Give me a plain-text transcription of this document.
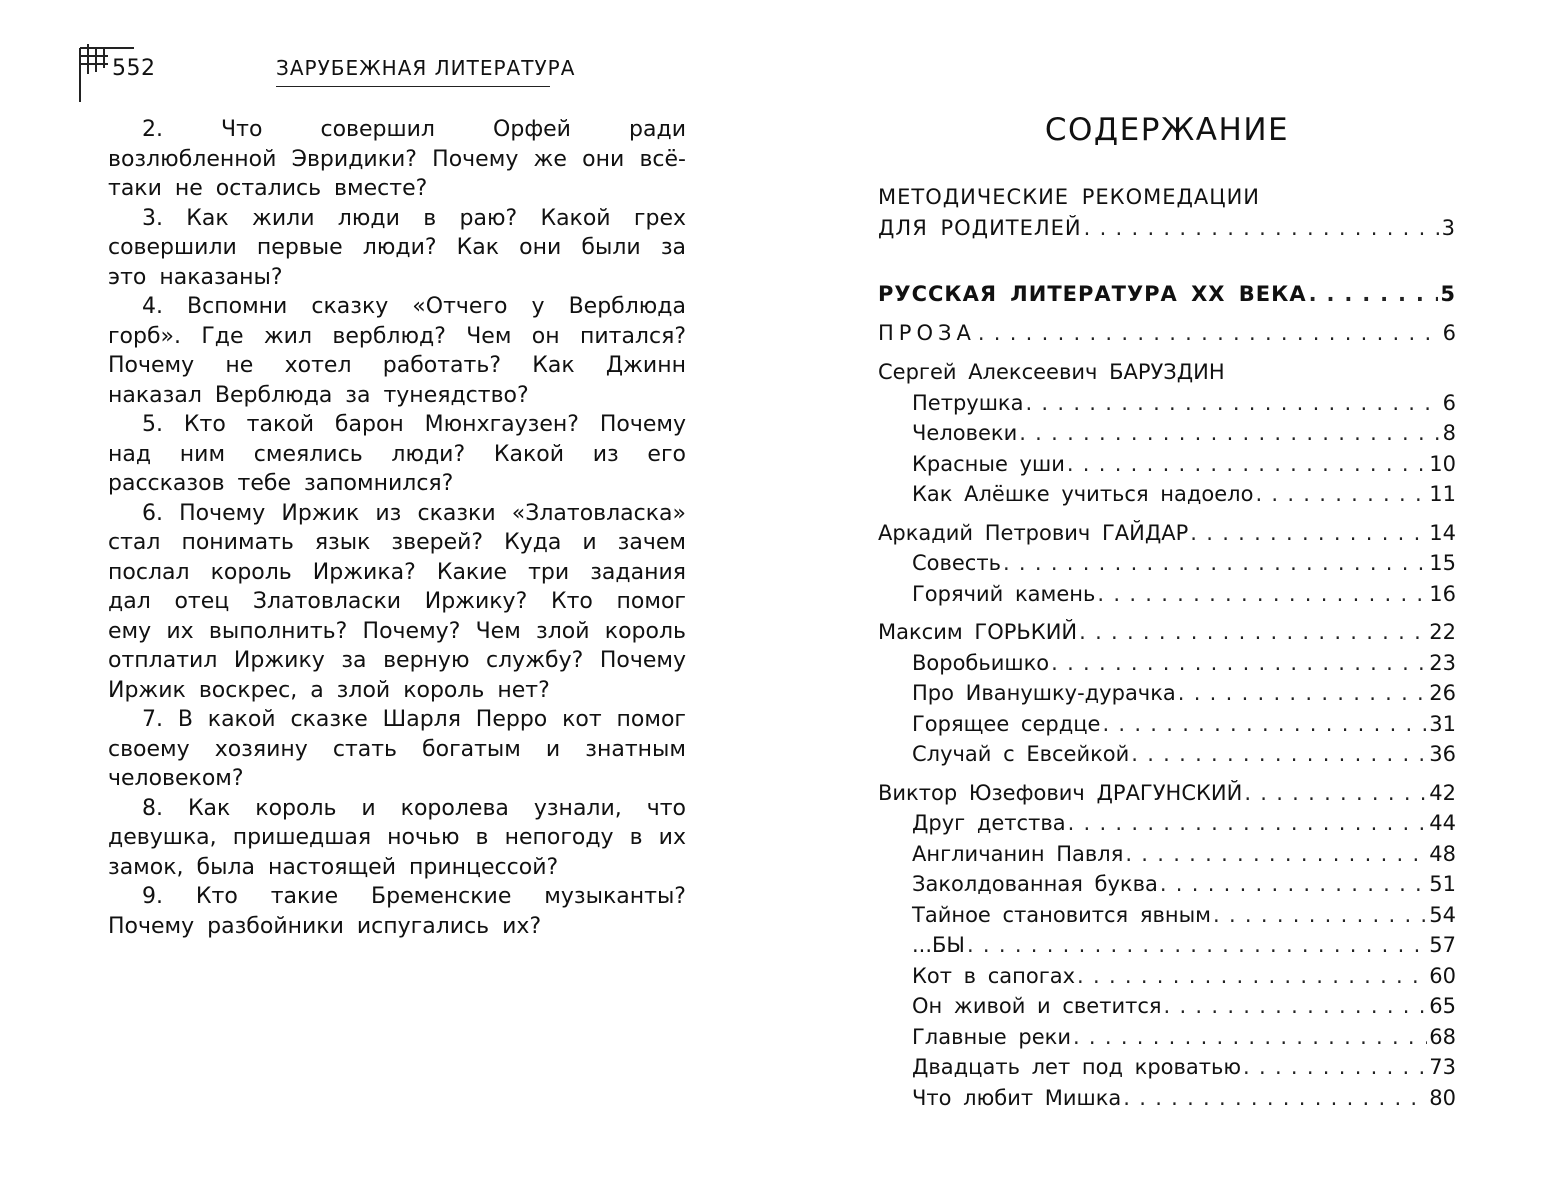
552	ЗАРУБЕЖНАЯ ЛИТЕРАТУРА

2. Что совершил Орфей ради возлюбленной Эвридики? Почему же они всё-таки не остались вместе?

3. Как жили люди в раю? Какой грех совершили первые люди? Как они были за это наказаны?

4. Вспомни сказку «Отчего у Верблюда горб». Где жил верблюд? Чем он питался? Почему не хотел работать? Как Джинн наказал Верблюда за тунеядство?

5. Кто такой барон Мюнхгаузен? Почему над ним смеялись люди? Какой из его рассказов тебе запомнился?

6. Почему Иржик из сказки «Златовласка» стал понимать язык зверей? Куда и зачем послал король Иржика? Какие три задания дал отец Златовласки Иржику? Кто помог ему их выполнить? Почему? Чем злой король отплатил Иржику за верную службу? Почему Иржик воскрес, а злой король нет?

7. В какой сказке Шарля Перро кот помог своему хозяину стать богатым и знатным человеком?

8. Как король и королева узнали, что девушка, пришедшая ночью в непогоду в их замок, была настоящей принцессой?

9. Кто такие Бременские музыканты? Почему разбойники испугались их?

СОДЕРЖАНИЕ
МЕТОДИЧЕСКИЕ РЕКОМЕДАЦИИ
ДЛЯ РОДИТЕЛЕЙ . . .	3
РУССКАЯ ЛИТЕРАТУРА XX ВЕКА . . .	5
ПРОЗА . . .	6
Сергей Алексеевич БАРУЗДИН
Петрушка . . .	6
Человеки . . .	8
Красные уши . . .	10
Как Алёшке учиться надоело . . .	11
Аркадий Петрович ГАЙДАР . . .	14
Совесть . . .	15
Горячий камень . . .	16
Максим ГОРЬКИЙ . . .	22
Воробьишко . . .	23
Про Иванушку-дурачка . . .	26
Горящее сердце . . .	31
Случай с Евсейкой . . .	36
Виктор Юзефович ДРАГУНСКИЙ . . .	42
Друг детства . . .	44
Англичанин Павля . . .	48
Заколдованная буква . . .	51
Тайное становится явным . . .	54
...БЫ . . .	57
Кот в сапогах . . .	60
Он живой и светится . . .	65
Главные реки . . .	68
Двадцать лет под кроватью . . .	73
Что любит Мишка . . .	80
